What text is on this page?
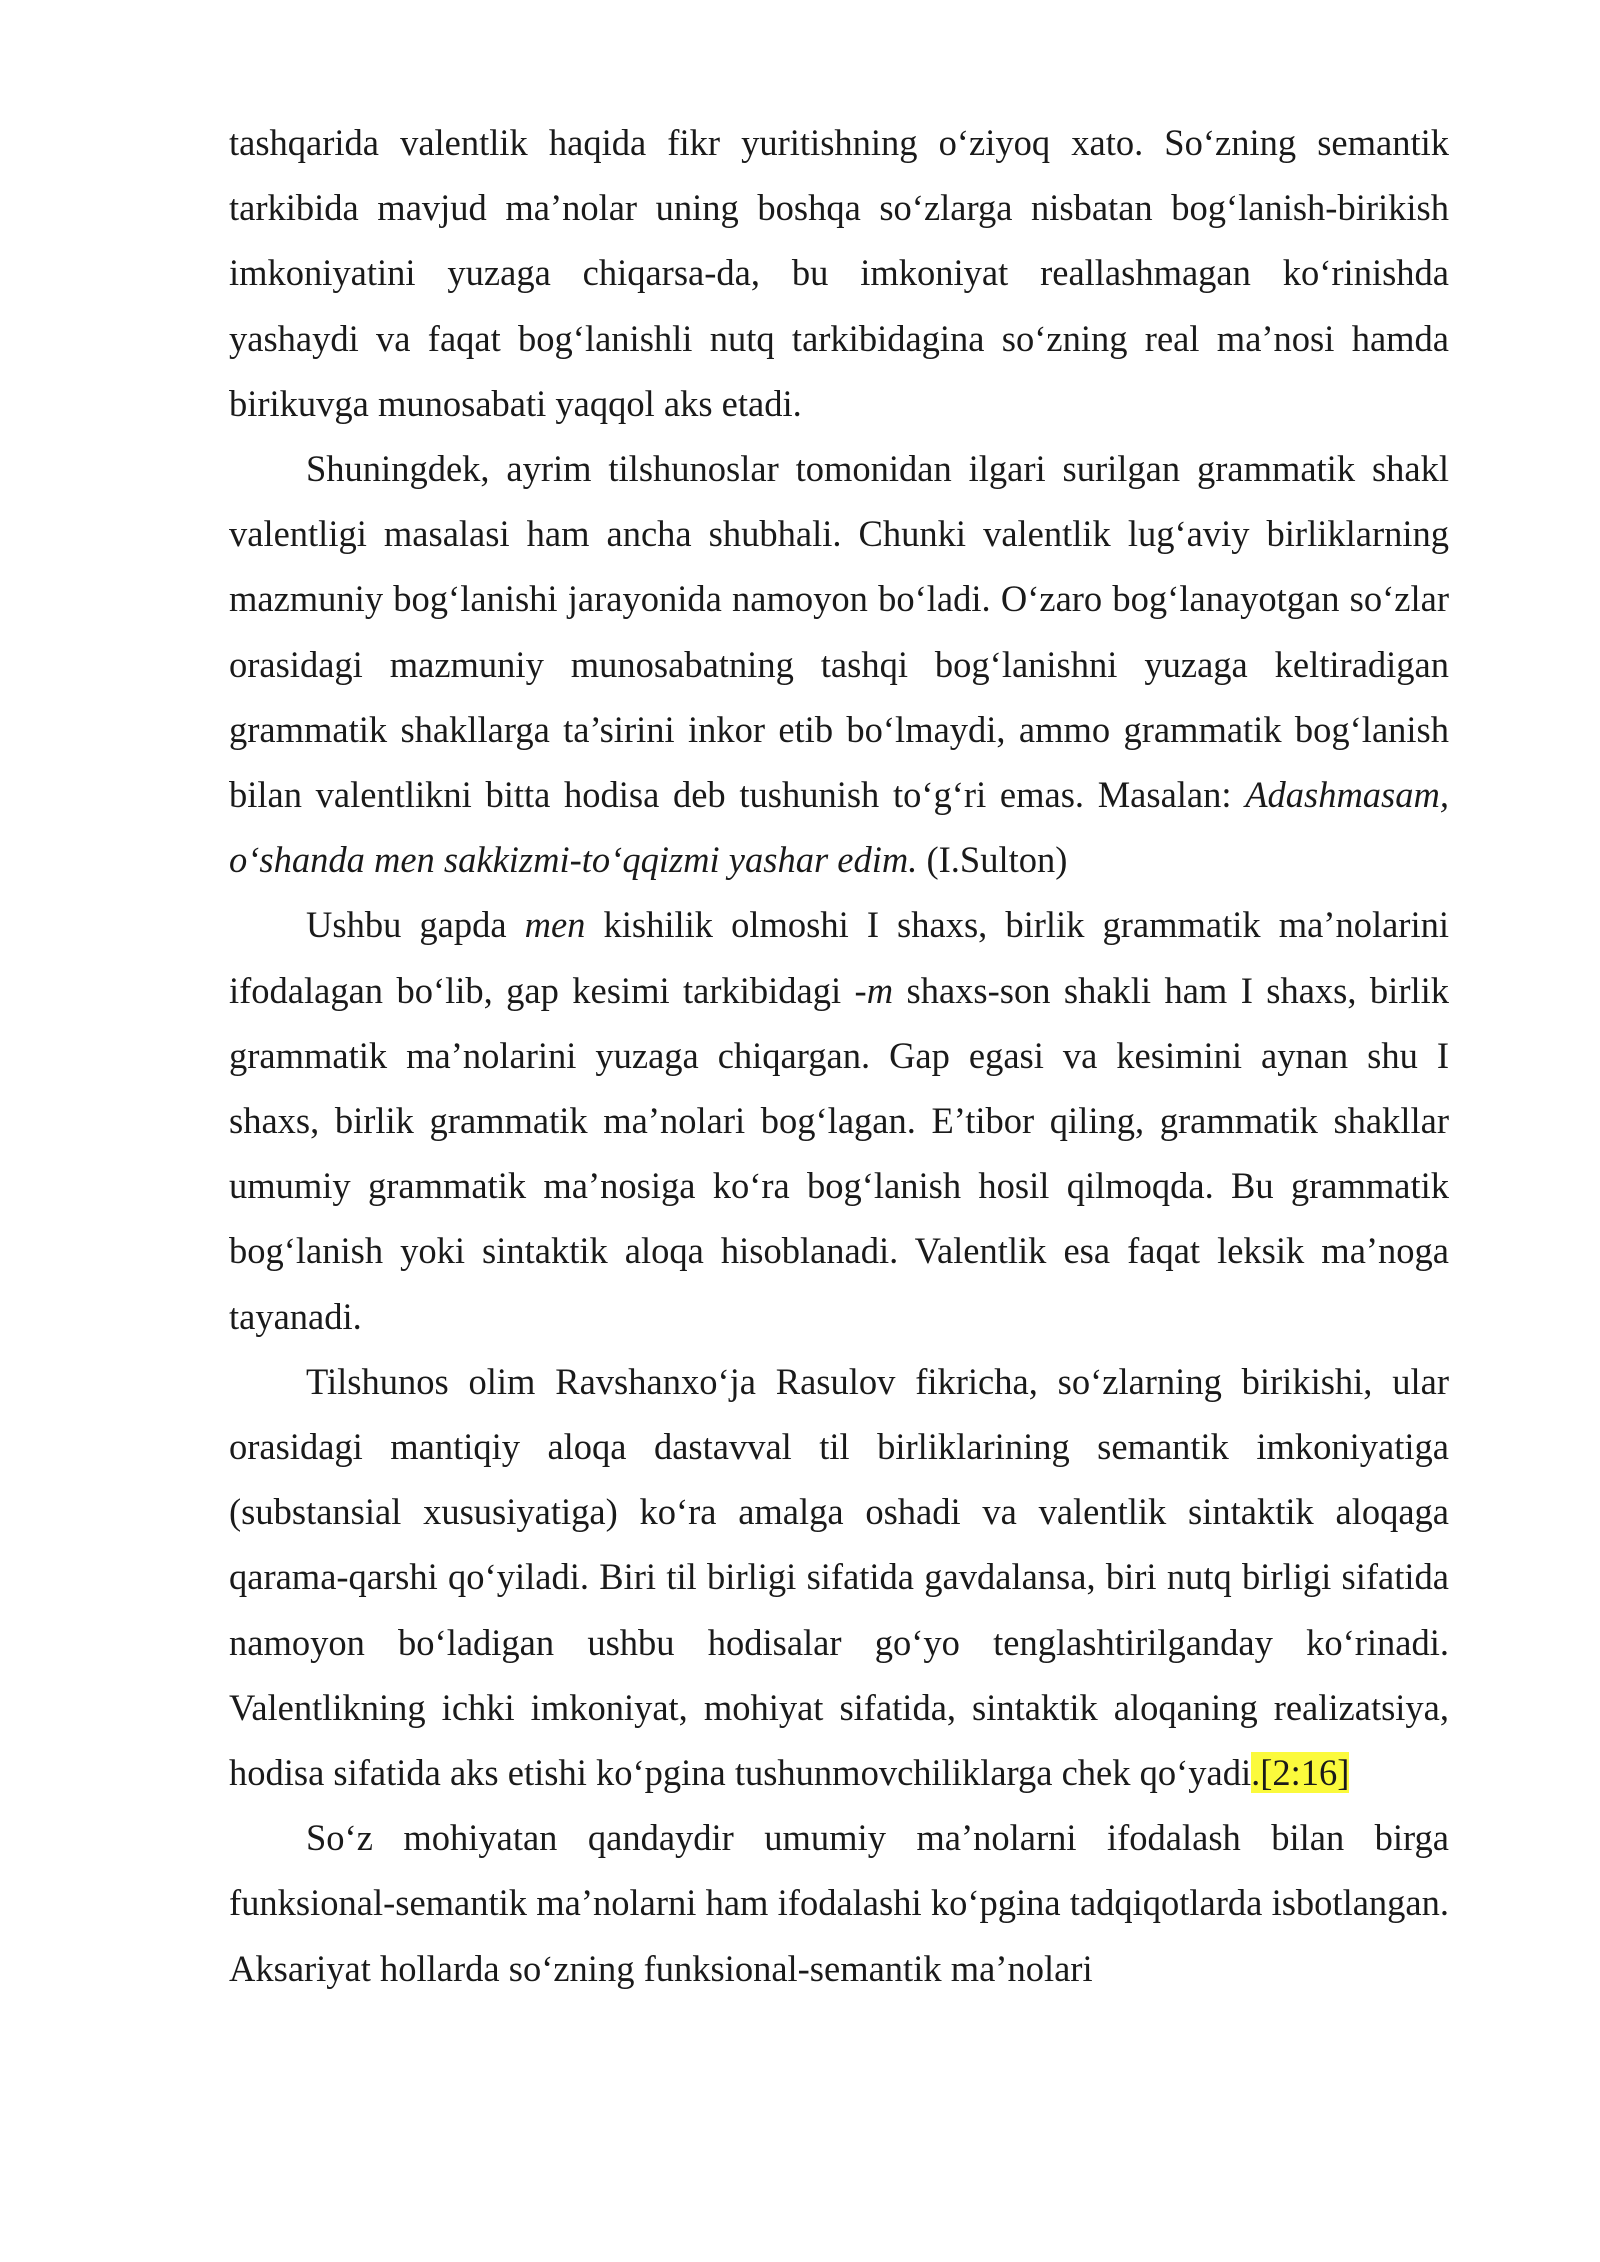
tashqarida valentlik haqida fikr yuritishning o‘ziyoq xato. So‘zning semantik tarkibida mavjud ma’nolar uning boshqa so‘zlarga nisbatan bog‘lanish-birikish imkoniyatini yuzaga chiqarsa-da, bu imkoniyat reallashmagan ko‘rinishda yashaydi va faqat bog‘lanishli nutq tarkibidagina so‘zning real ma’nosi hamda birikuvga munosabati yaqqol aks etadi.

Shuningdek, ayrim tilshunoslar tomonidan ilgari surilgan grammatik shakl valentligi masalasi ham ancha shubhali. Chunki valentlik lug‘aviy birliklarning mazmuniy bog‘lanishi jarayonida namoyon bo‘ladi. O‘zaro bog‘lanayotgan so‘zlar orasidagi mazmuniy munosabatning tashqi bog‘lanishni yuzaga keltiradigan grammatik shakllarga ta’sirini inkor etib bo‘lmaydi, ammo grammatik bog‘lanish bilan valentlikni bitta hodisa deb tushunish to‘g‘ri emas. Masalan: Adashmasam, o‘shanda men sakkizmi-to‘qqizmi yashar edim. (I.Sulton)

Ushbu gapda men kishilik olmoshi I shaxs, birlik grammatik ma’nolarini ifodalagan bo‘lib, gap kesimi tarkibidagi -m shaxs-son shakli ham I shaxs, birlik grammatik ma’nolarini yuzaga chiqargan. Gap egasi va kesimini aynan shu I shaxs, birlik grammatik ma’nolari bog‘lagan. E’tibor qiling, grammatik shakllar umumiy grammatik ma’nosiga ko‘ra bog‘lanish hosil qilmoqda. Bu grammatik bog‘lanish yoki sintaktik aloqa hisoblanadi. Valentlik esa faqat leksik ma’noga tayanadi.

Tilshunos olim Ravshanxo‘ja Rasulov fikricha, so‘zlarning birikishi, ular orasidagi mantiqiy aloqa dastavval til birliklarining semantik imkoniyatiga (substansial xususiyatiga) ko‘ra amalga oshadi va valentlik sintaktik aloqaga qarama-qarshi qo‘yiladi. Biri til birligi sifatida gavdalansa, biri nutq birligi sifatida namoyon bo‘ladigan ushbu hodisalar go‘yo tenglashtirilganday ko‘rinadi. Valentlikning ichki imkoniyat, mohiyat sifatida, sintaktik aloqaning realizatsiya, hodisa sifatida aks etishi ko‘pgina tushunmovchiliklarga chek qo‘yadi.[2:16]

So‘z mohiyatan qandaydir umumiy ma’nolarni ifodalash bilan birga funksional-semantik ma’nolarni ham ifodalashi ko‘pgina tadqiqotlarda isbotlangan. Aksariyat hollarda so‘zning funksional-semantik ma’nolari
